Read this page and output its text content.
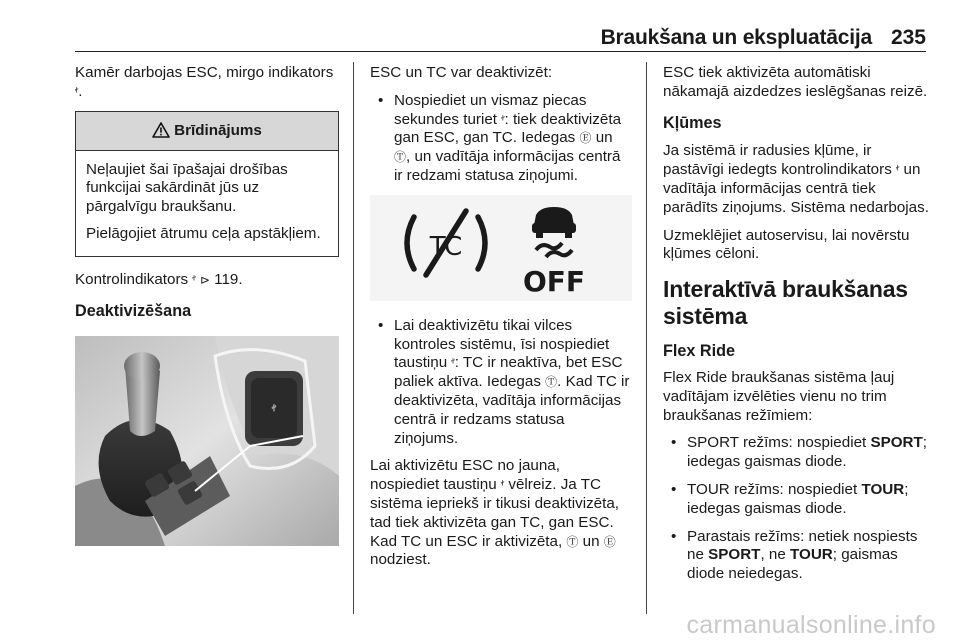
Braukšana un ekspluatācija 235

Kamēr darbojas ESC, mirgo indikators ꭝ.

Brīdinājums

Neļaujiet šai īpašajai drošības funkcijai sakārdināt jūs uz pārgalvīgu braukšanu.

Pielāgojiet ātrumu ceļa apstākļiem.

Kontrolindikators ꭝ ⊳ 119.

Deaktivizēšana
ꭝ

ESC un TC var deaktivizēt:

• Nospiediet un vismaz piecas sekundes turiet ꭝ: tiek deaktivizēta gan ESC, gan TC. Iedegas Ⓔ un Ⓣ, un vadītāja informācijas centrā ir redzami statusa ziņojumi.
TC
OFF
• Lai deaktivizētu tikai vilces kontroles sistēmu, īsi nospiediet taustiņu ꭝ: TC ir neaktīva, bet ESC paliek aktīva. Iedegas Ⓣ. Kad TC ir deaktivizēta, vadītāja informācijas centrā ir redzams statusa ziņojums.

Lai aktivizētu ESC no jauna, nospiediet taustiņu ꭝ vēlreiz. Ja TC sistēma iepriekš ir tikusi deaktivizēta, tad tiek aktivizēta gan TC, gan ESC. Kad TC un ESC ir aktivizēta, Ⓣ un Ⓔ nodziest.

ESC tiek aktivizēta automātiski nākamajā aizdedzes ieslēgšanas reizē.

Kļūmes

Ja sistēmā ir radusies kļūme, ir pastāvīgi iedegts kontrolindikators ꭝ un vadītāja informācijas centrā tiek parādīts ziņojums. Sistēma nedarbojas.

Uzmeklējiet autoservisu, lai novērstu kļūmes cēloni.

Interaktīvā braukšanas sistēma
Flex Ride

Flex Ride braukšanas sistēma ļauj vadītājam izvēlēties vienu no trim braukšanas režīmiem:

• SPORT režīms: nospiediet SPORT; iedegas gaismas diode.
• TOUR režīms: nospiediet TOUR; iedegas gaismas diode.
• Parastais režīms: netiek nospiests ne SPORT, ne TOUR; gaismas diode neiedegas.
carmanualsonline.info
